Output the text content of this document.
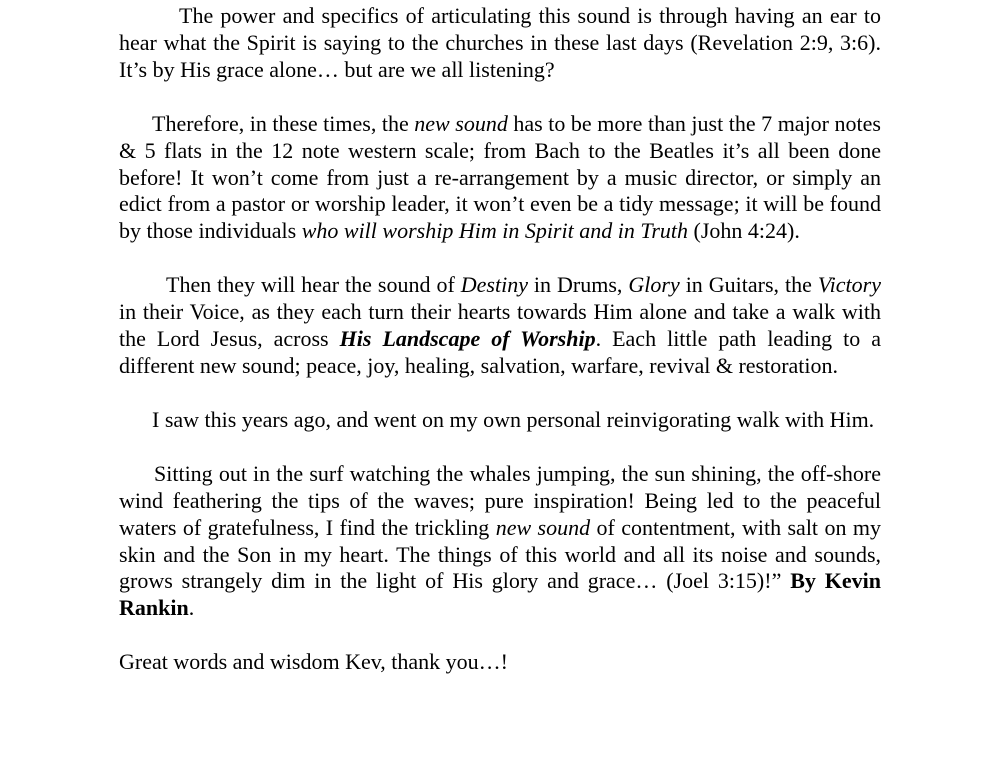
The power and specifics of articulating this sound is through having an ear to hear what the Spirit is saying to the churches in these last days (Revelation 2:9, 3:6). It’s by His grace alone… but are we all listening?

Therefore, in these times, the new sound has to be more than just the 7 major notes & 5 flats in the 12 note western scale; from Bach to the Beatles it’s all been done before! It won’t come from just a re-arrangement by a music director, or simply an edict from a pastor or worship leader, it won’t even be a tidy message; it will be found by those individuals who will worship Him in Spirit and in Truth (John 4:24).

Then they will hear the sound of Destiny in Drums, Glory in Guitars, the Victory in their Voice, as they each turn their hearts towards Him alone and take a walk with the Lord Jesus, across His Landscape of Worship. Each little path leading to a different new sound; peace, joy, healing, salvation, warfare, revival & restoration.

I saw this years ago, and went on my own personal reinvigorating walk with Him.

Sitting out in the surf watching the whales jumping, the sun shining, the off-shore wind feathering the tips of the waves; pure inspiration! Being led to the peaceful waters of gratefulness, I find the trickling new sound of contentment, with salt on my skin and the Son in my heart. The things of this world and all its noise and sounds, grows strangely dim in the light of His glory and grace… (Joel 3:15)!” By Kevin Rankin.

Great words and wisdom Kev, thank you…!
